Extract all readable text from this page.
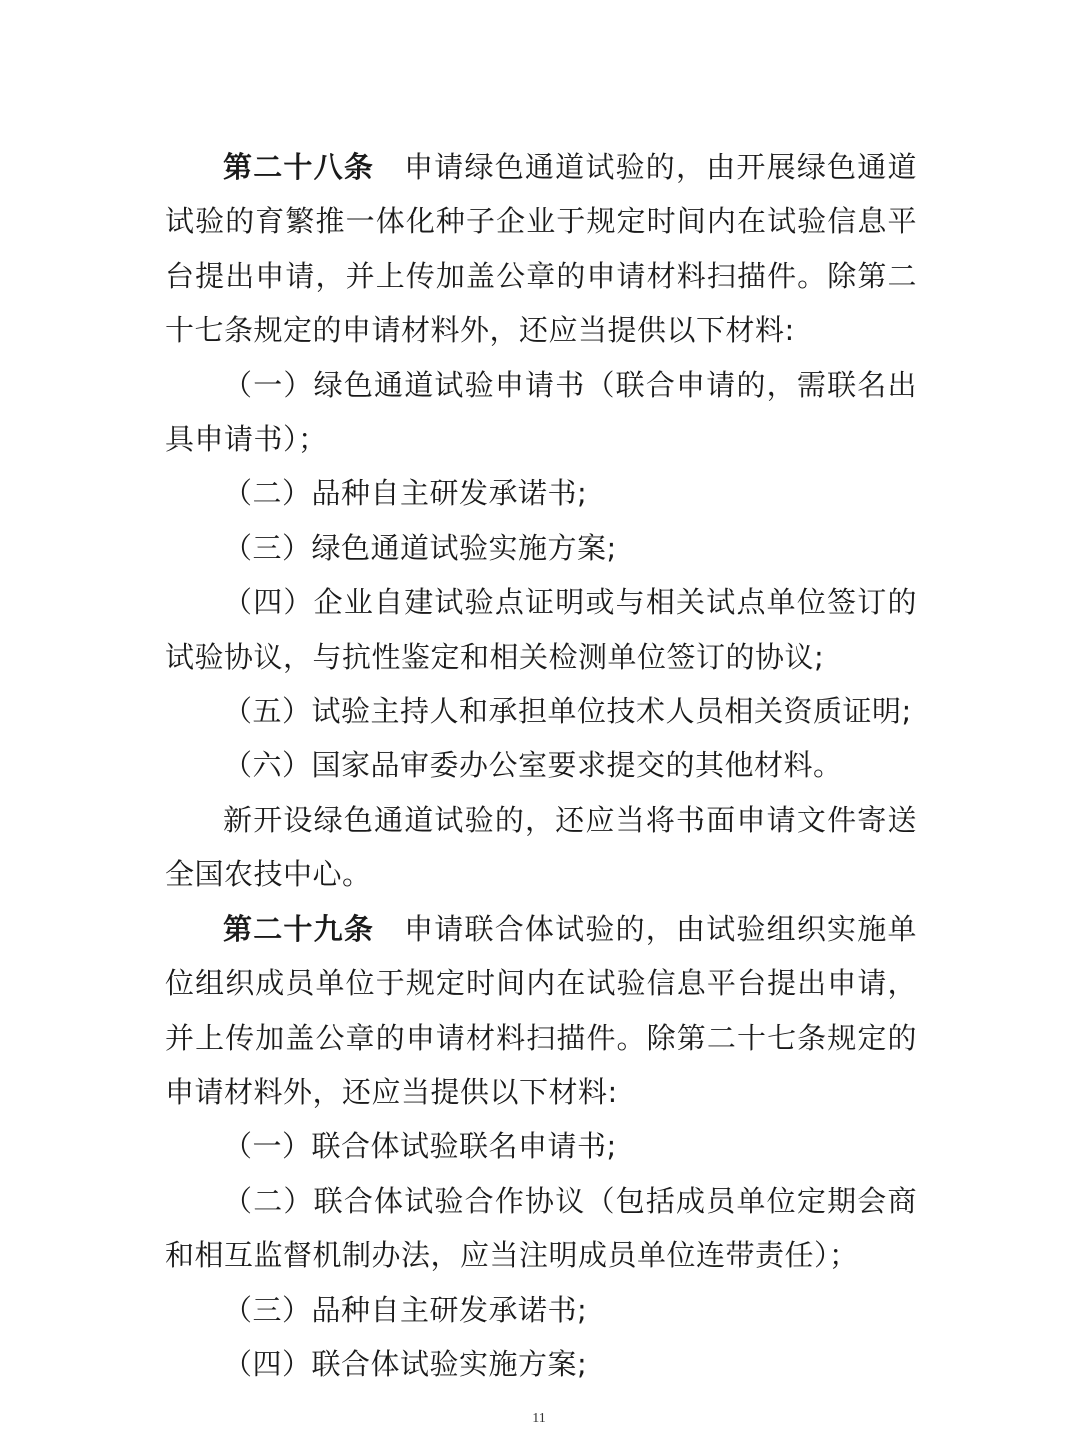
第二十八条 申请绿色通道试验的，由开展绿色通道试验的育繁推一体化种子企业于规定时间内在试验信息平台提出申请，并上传加盖公章的申请材料扫描件。除第二十七条规定的申请材料外，还应当提供以下材料:

（一）绿色通道试验申请书（联合申请的，需联名出具申请书）；

（二）品种自主研发承诺书;

（三）绿色通道试验实施方案;

（四）企业自建试验点证明或与相关试点单位签订的试验协议，与抗性鉴定和相关检测单位签订的协议;

（五）试验主持人和承担单位技术人员相关资质证明;

（六）国家品审委办公室要求提交的其他材料。

新开设绿色通道试验的，还应当将书面申请文件寄送全国农技中心。

第二十九条 申请联合体试验的，由试验组织实施单位组织成员单位于规定时间内在试验信息平台提出申请，并上传加盖公章的申请材料扫描件。除第二十七条规定的申请材料外，还应当提供以下材料:

（一）联合体试验联名申请书;

（二）联合体试验合作协议（包括成员单位定期会商和相互监督机制办法，应当注明成员单位连带责任）；

（三）品种自主研发承诺书;

（四）联合体试验实施方案;

11
